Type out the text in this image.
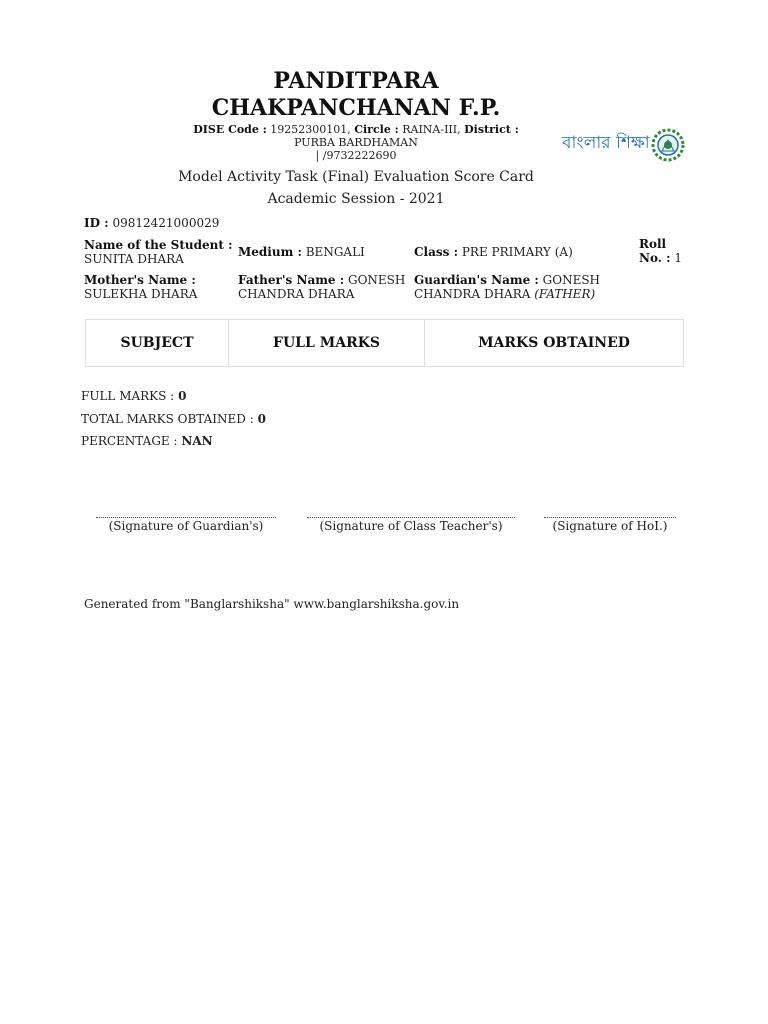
PANDITPARA CHAKPANCHANAN F.P.
DISE Code : 19252300101, Circle : RAINA-III, District : PURBA BARDHAMAN
| /9732222690
বাংলার শিক্ষা
Model Activity Task (Final) Evaluation Score Card
Academic Session - 2021
ID : 09812421000029
Name of the Student :
SUNITA DHARA	Medium : BENGALI	Class : PRE PRIMARY (A)
Roll
No. : 1
Mother's Name :
SULEKHA DHARA
Father's Name : GONESH
CHANDRA DHARA
Guardian's Name : GONESH
CHANDRA DHARA (FATHER)
SUBJECT	FULL MARKS	MARKS OBTAINED
FULL MARKS : 0
TOTAL MARKS OBTAINED : 0
PERCENTAGE : NAN
(Signature of Guardian's)	(Signature of Class Teacher's)	(Signature of HoI.)
Generated from "Banglarshiksha" www.banglarshiksha.gov.in
